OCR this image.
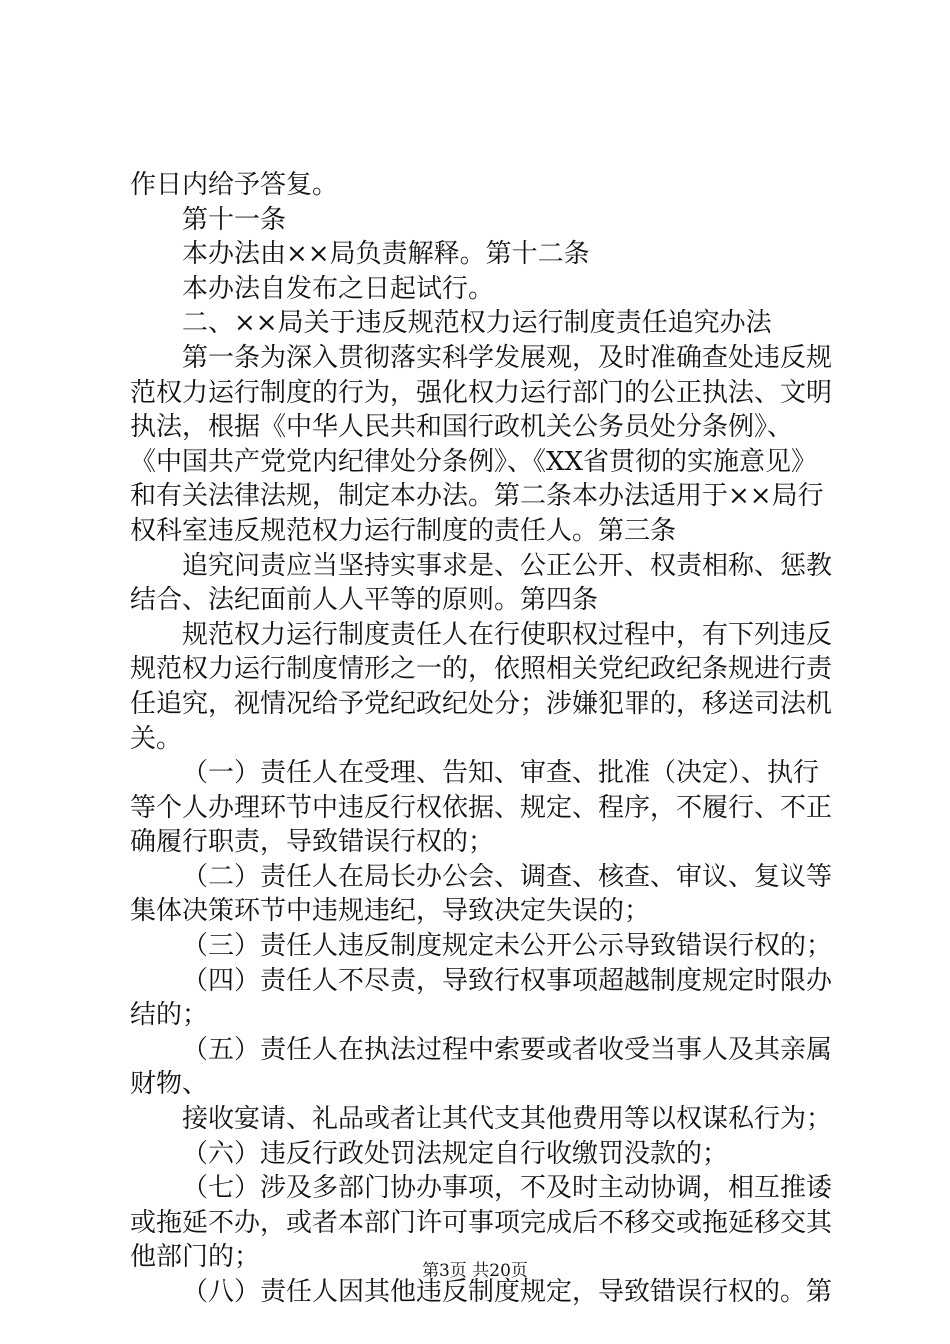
作日内给予答复。
第十一条
本办法由××局负责解释。第十二条
本办法自发布之日起试行。
二、××局关于违反规范权力运行制度责任追究办法
第一条为深入贯彻落实科学发展观，及时准确查处违反规
范权力运行制度的行为，强化权力运行部门的公正执法、文明
执法，根据《中华人民共和国行政机关公务员处分条例》、
《中国共产党党内纪律处分条例》、《XX省贯彻的实施意见》
和有关法律法规，制定本办法。第二条本办法适用于××局行
权科室违反规范权力运行制度的责任人。第三条
追究问责应当坚持实事求是、公正公开、权责相称、惩教
结合、法纪面前人人平等的原则。第四条
规范权力运行制度责任人在行使职权过程中，有下列违反
规范权力运行制度情形之一的，依照相关党纪政纪条规进行责
任追究，视情况给予党纪政纪处分；涉嫌犯罪的，移送司法机
关。
（一）责任人在受理、告知、审查、批准（决定）、执行
等个人办理环节中违反行权依据、规定、程序，不履行、不正
确履行职责，导致错误行权的；
（二）责任人在局长办公会、调查、核查、审议、复议等
集体决策环节中违规违纪，导致决定失误的；
（三）责任人违反制度规定未公开公示导致错误行权的；
（四）责任人不尽责，导致行权事项超越制度规定时限办
结的；
（五）责任人在执法过程中索要或者收受当事人及其亲属
财物、
接收宴请、礼品或者让其代支其他费用等以权谋私行为；
（六）违反行政处罚法规定自行收缴罚没款的；
（七）涉及多部门协办事项，不及时主动协调，相互推诿
或拖延不办，或者本部门许可事项完成后不移交或拖延移交其
他部门的；
（八）责任人因其他违反制度规定，导致错误行权的。第
第3页 共20页
